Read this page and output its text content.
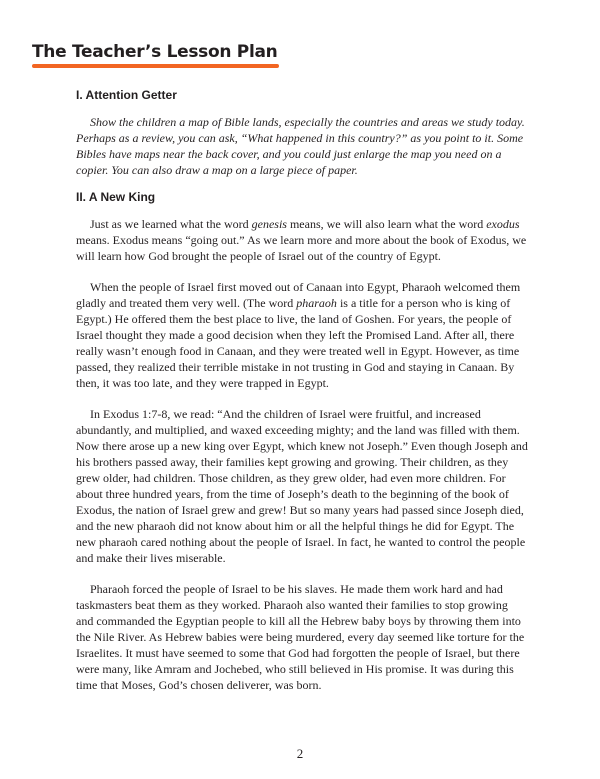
The Teacher’s Lesson Plan
I. Attention Getter

Show the children a map of Bible lands, especially the countries and areas we study today. Perhaps as a review, you can ask, “What happened in this country?” as you point to it. Some Bibles have maps near the back cover, and you could just enlarge the map you need on a copier. You can also draw a map on a large piece of paper.

II. A New King

Just as we learned what the word genesis means, we will also learn what the word exodus means. Exodus means “going out.” As we learn more and more about the book of Exodus, we will learn how God brought the people of Israel out of the country of Egypt.

When the people of Israel first moved out of Canaan into Egypt, Pharaoh welcomed them gladly and treated them very well. (The word pharaoh is a title for a person who is king of Egypt.) He offered them the best place to live, the land of Goshen. For years, the people of Israel thought they made a good decision when they left the Promised Land. After all, there really wasn’t enough food in Canaan, and they were treated well in Egypt. However, as time passed, they realized their terrible mistake in not trusting in God and staying in Canaan. By then, it was too late, and they were trapped in Egypt.

In Exodus 1:7-8, we read: “And the children of Israel were fruitful, and increased abundantly, and multiplied, and waxed exceeding mighty; and the land was filled with them. Now there arose up a new king over Egypt, which knew not Joseph.” Even though Joseph and his brothers passed away, their families kept growing and growing. Their children, as they grew older, had children. Those children, as they grew older, had even more children. For about three hundred years, from the time of Joseph’s death to the beginning of the book of Exodus, the nation of Israel grew and grew! But so many years had passed since Joseph died, and the new pharaoh did not know about him or all the helpful things he did for Egypt. The new pharaoh cared nothing about the people of Israel. In fact, he wanted to control the people and make their lives miserable.

Pharaoh forced the people of Israel to be his slaves. He made them work hard and had taskmasters beat them as they worked. Pharaoh also wanted their families to stop growing and commanded the Egyptian people to kill all the Hebrew baby boys by throwing them into the Nile River. As Hebrew babies were being murdered, every day seemed like torture for the Israelites. It must have seemed to some that God had forgotten the people of Israel, but there were many, like Amram and Jochebed, who still believed in His promise. It was during this time that Moses, God’s chosen deliverer, was born.

2
